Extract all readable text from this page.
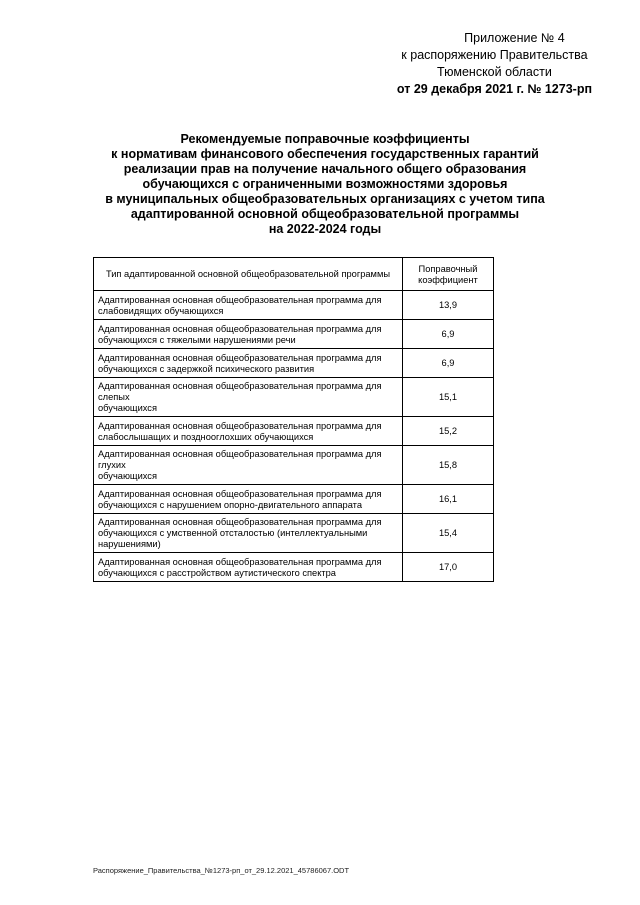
Приложение № 4
к распоряжению Правительства
Тюменской области
от 29 декабря 2021 г. № 1273-рп
Рекомендуемые поправочные коэффициенты
к нормативам финансового обеспечения государственных гарантий
реализации прав на получение начального общего образования
обучающихся с ограниченными возможностями здоровья
в муниципальных общеобразовательных организациях с учетом типа
адаптированной основной общеобразовательной программы
на 2022-2024 годы
Тип адаптированной основной общеобразовательной программы	Поправочный
коэффициент

Адаптированная основная общеобразовательная программа для
слабовидящих обучающихся	13,9

Адаптированная основная общеобразовательная программа для
обучающихся с тяжелыми нарушениями речи	6,9

Адаптированная основная общеобразовательная программа для
обучающихся с задержкой психического развития	6,9

Адаптированная основная общеобразовательная программа для слепых
обучающихся	15,1

Адаптированная основная общеобразовательная программа для
слабослышащих и позднооглохших обучающихся	15,2

Адаптированная основная общеобразовательная программа для глухих
обучающихся	15,8

Адаптированная основная общеобразовательная программа для
обучающихся с нарушением опорно-двигательного аппарата	16,1

Адаптированная основная общеобразовательная программа для
обучающихся с умственной отсталостью (интеллектуальными нарушениями)	15,4

Адаптированная основная общеобразовательная программа для
обучающихся с расстройством аутистического спектра	17,0
Распоряжение_Правительства_№1273-рп_от_29.12.2021_45786067.ODT
